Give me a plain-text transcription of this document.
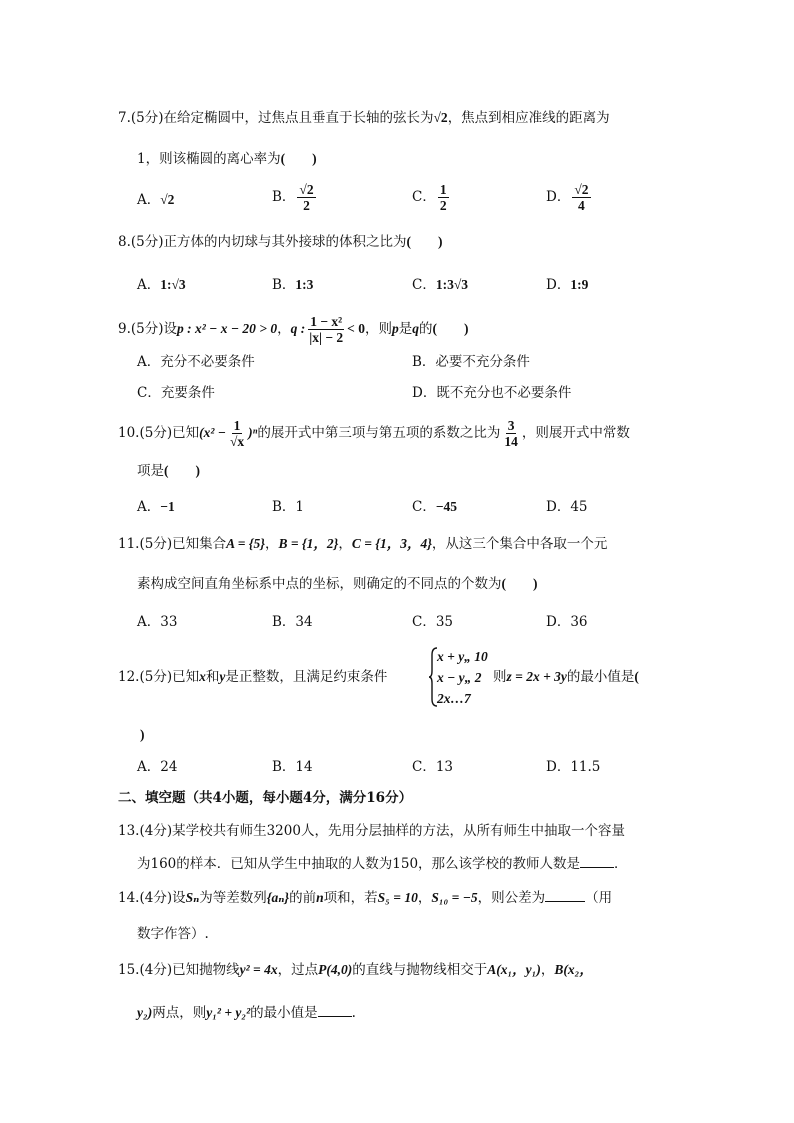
7.(5分)在给定椭圆中，过焦点且垂直于长轴的弦长为√2，焦点到相应准线的距离为
1，则该椭圆的离心率为(　　)
A．√2	B． $\frac{√2}{2}$	C． $\frac{1}{2}$	D． $\frac{√2}{4}$
8.(5分)正方体的内切球与其外接球的体积之比为(　　)
A．1:√3	B．1:3	C．1:3√3	D．1:9
9.(5分)设p : x² − x − 20 > 0，q : $\frac{\text{1 − x²}}{|x| - 2} < 0$，则p是q的(　　)
A．充分不必要条件	B．必要不充分条件
C．充要条件	D．既不充分也不必要条件
10.(5分)已知$(x^2 - \frac{1}{√x} )^n$的展开式中第三项与第五项的系数之比为 $\frac{3}{14}$ ，则展开式中常数
项是(　　)
A．−1	B．1	C．−45	D．45
11.(5分)已知集合A = {5}，B = {1，2}，C = {1，3，4}，从这三个集合中各取一个元
素构成空间直角坐标系中点的坐标，则确定的不同点的个数为(　　)
A．33	B．34	C．35	D．36
12.(5分)已知x和y是正整数，且满足约束条件
x + y„ 10
x − y„ 2
2x…7
则z = 2x + 3y的最小值是(
)
A．24	B．14	C．13	D．11.5
二、填空题（共4小题，每小题4分，满分16分）
13.(4分)某学校共有师生3200人，先用分层抽样的方法，从所有师生中抽取一个容量
为160的样本．已知从学生中抽取的人数为150，那么该学校的教师人数是	．
14.(4分)设Sₙ为等差数列{aₙ}的前n项和，若S₅ = 10，S₁₀ = −5，则公差为	（用
数字作答）.
15.(4分)已知抛物线y² = 4x，过点P(4,0)的直线与抛物线相交于A(x₁，y₁)，B(x₂，
y₂)两点，则y₁² + y₂²的最小值是	.
